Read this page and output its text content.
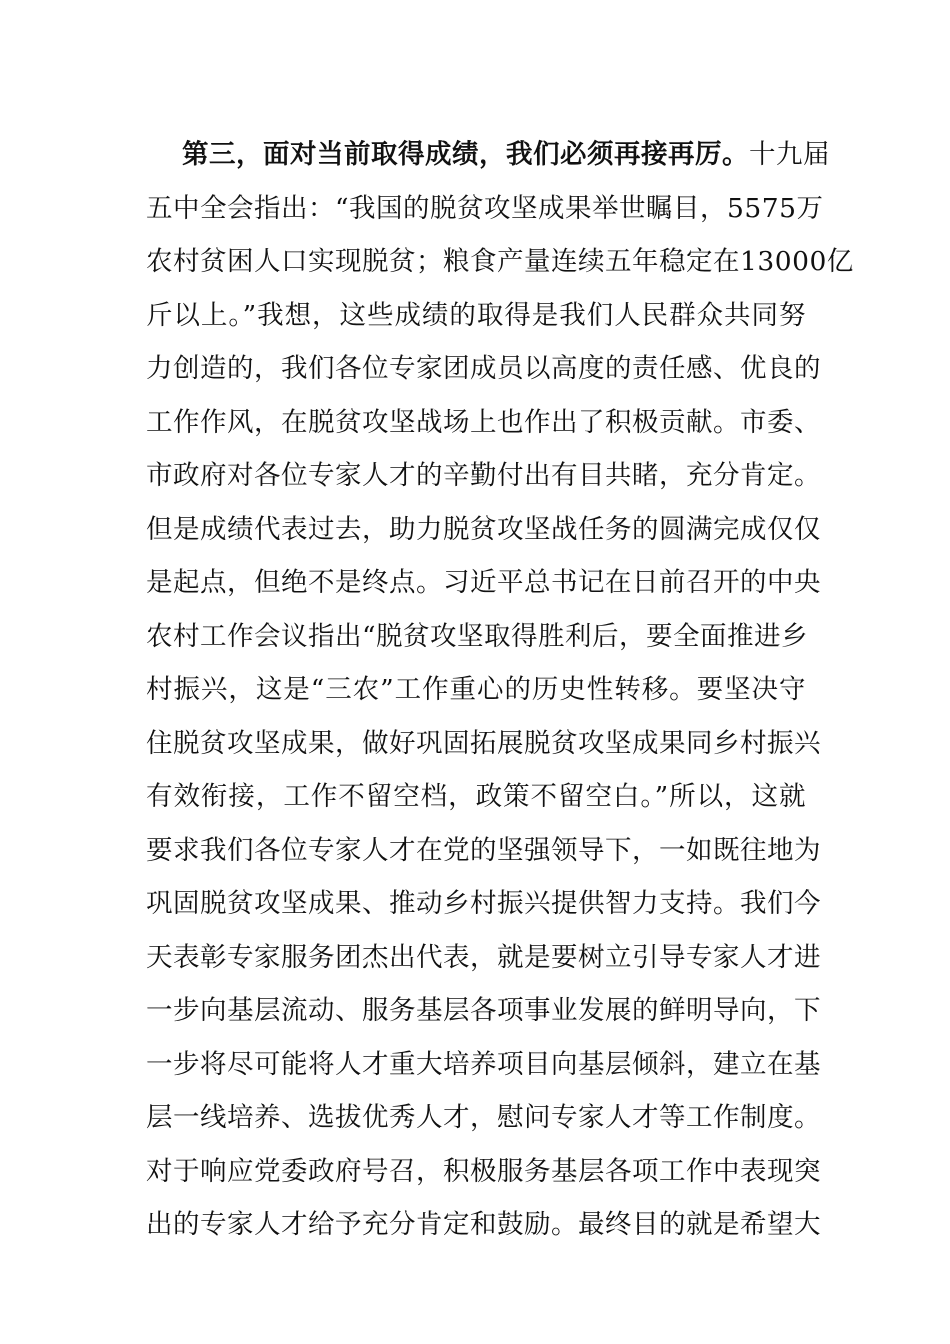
第三，面对当前取得成绩，我们必须再接再厉。十九届
五中全会指出：“我国的脱贫攻坚成果举世瞩目，5575万
农村贫困人口实现脱贫；粮食产量连续五年稳定在13000亿
斤以上。”我想，这些成绩的取得是我们人民群众共同努
力创造的，我们各位专家团成员以高度的责任感、优良的
工作作风，在脱贫攻坚战场上也作出了积极贡献。市委、
市政府对各位专家人才的辛勤付出有目共睹，充分肯定。
但是成绩代表过去，助力脱贫攻坚战任务的圆满完成仅仅
是起点，但绝不是终点。习近平总书记在日前召开的中央
农村工作会议指出“脱贫攻坚取得胜利后，要全面推进乡
村振兴，这是“三农”工作重心的历史性转移。要坚决守
住脱贫攻坚成果，做好巩固拓展脱贫攻坚成果同乡村振兴
有效衔接，工作不留空档，政策不留空白。”所以，这就
要求我们各位专家人才在党的坚强领导下，一如既往地为
巩固脱贫攻坚成果、推动乡村振兴提供智力支持。我们今
天表彰专家服务团杰出代表，就是要树立引导专家人才进
一步向基层流动、服务基层各项事业发展的鲜明导向，下
一步将尽可能将人才重大培养项目向基层倾斜，建立在基
层一线培养、选拔优秀人才，慰问专家人才等工作制度。
对于响应党委政府号召，积极服务基层各项工作中表现突
出的专家人才给予充分肯定和鼓励。最终目的就是希望大
